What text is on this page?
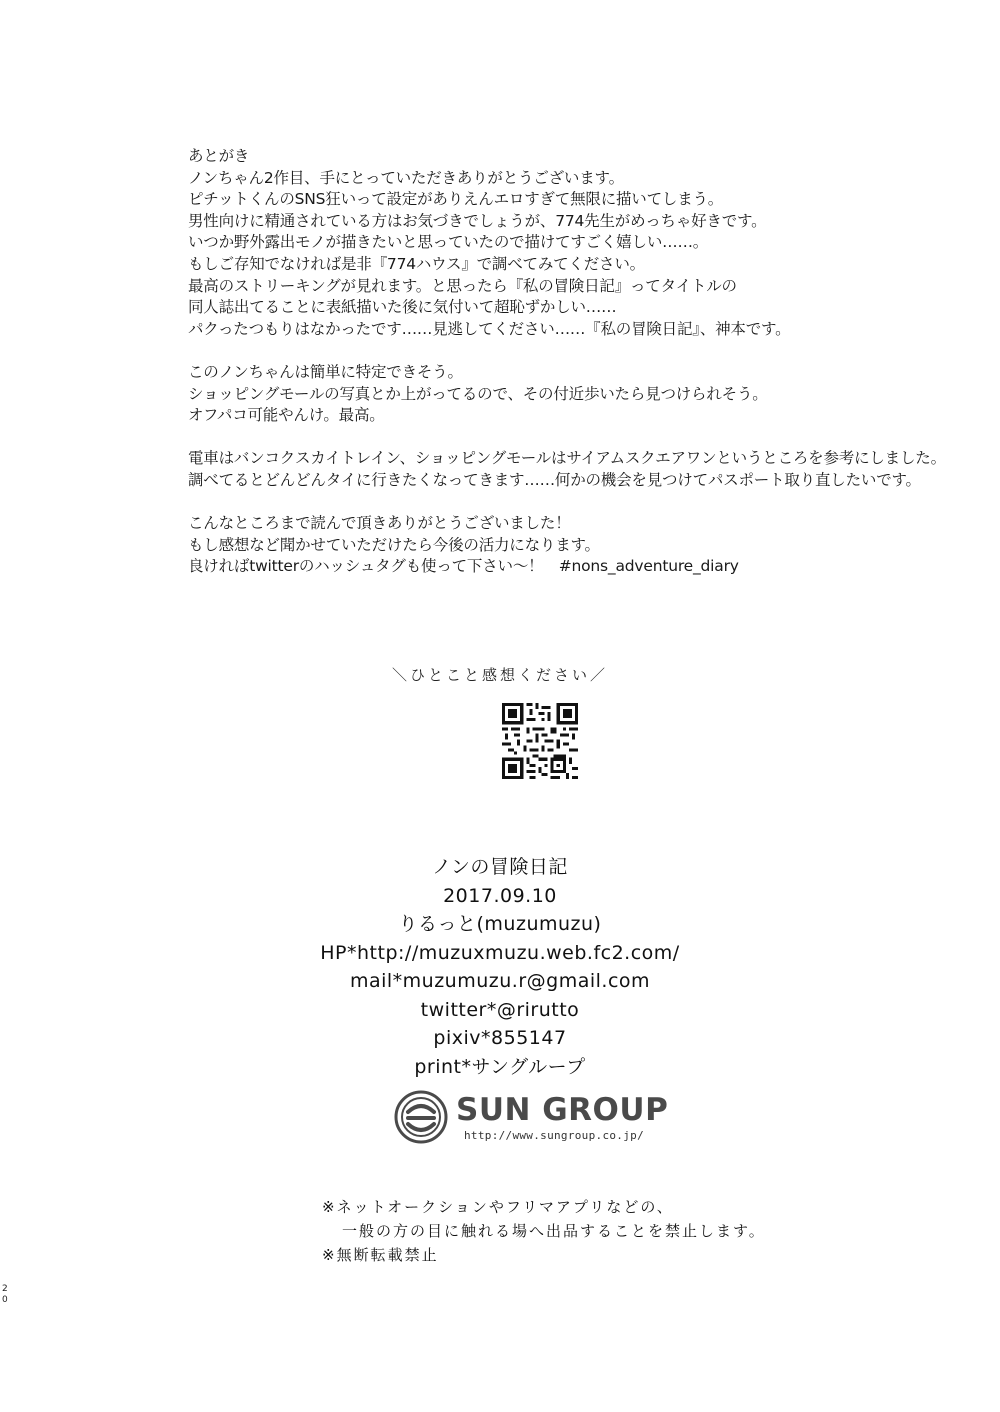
あとがき

ノンちゃん2作目、手にとっていただきありがとうございます。

ピチットくんのSNS狂いって設定がありえんエロすぎて無限に描いてしまう。

男性向けに精通されている方はお気づきでしょうが、774先生がめっちゃ好きです。

いつか野外露出モノが描きたいと思っていたので描けてすごく嬉しい……。

もしご存知でなければ是非『774ハウス』で調べてみてください。

最高のストリーキングが見れます。と思ったら『私の冒険日記』ってタイトルの

同人誌出てることに表紙描いた後に気付いて超恥ずかしい……

パクったつもりはなかったです……見逃してください……『私の冒険日記』、神本です。

このノンちゃんは簡単に特定できそう。

ショッピングモールの写真とか上がってるので、その付近歩いたら見つけられそう。

オフパコ可能やんけ。最高。

電車はバンコクスカイトレイン、ショッピングモールはサイアムスクエアワンというところを参考にしました。

調べてるとどんどんタイに行きたくなってきます……何かの機会を見つけてパスポート取り直したいです。

こんなところまで読んで頂きありがとうございました！

もし感想など聞かせていただけたら今後の活力になります。

良ければtwitterのハッシュタグも使って下さい〜！　#nons_adventure_diary

＼ひとこと感想ください／
ノンの冒険日記
2017.09.10
りるっと(muzumuzu)
HP*http://muzuxmuzu.web.fc2.com/
mail*muzumuzu.r@gmail.com
twitter*@rirutto
pixiv*855147
print*サングループ
SUN GROUP
http://www.sungroup.co.jp/
※ネットオークションやフリマアプリなどの、
一般の方の目に触れる場へ出品することを禁止します。
※無断転載禁止
20
